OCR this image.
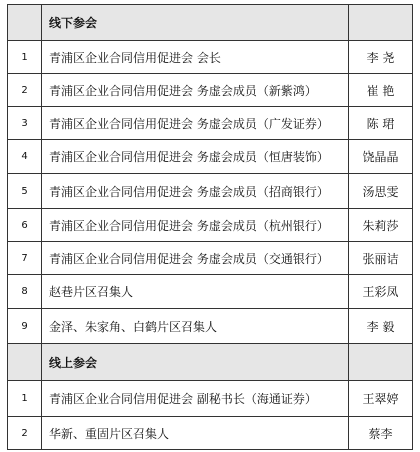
线下参会
1	青浦区企业合同信用促进会 会长	李 尧
2	青浦区企业合同信用促进会 务虚会成员（新紫鸿）	崔 艳
3	青浦区企业合同信用促进会 务虚会成员（广发证券）	陈 珺
4	青浦区企业合同信用促进会 务虚会成员（恒唐装饰）	饶晶晶
5	青浦区企业合同信用促进会 务虚会成员（招商银行）	汤思雯
6	青浦区企业合同信用促进会 务虚会成员（杭州银行）	朱莉莎
7	青浦区企业合同信用促进会 务虚会成员（交通银行）	张丽诘
8	赵巷片区召集人	王彩凤
9	金泽、朱家角、白鹤片区召集人	李 毅
线上参会
1	青浦区企业合同信用促进会 副秘书长（海通证券）	王翠婷
2	华新、重固片区召集人	蔡李
